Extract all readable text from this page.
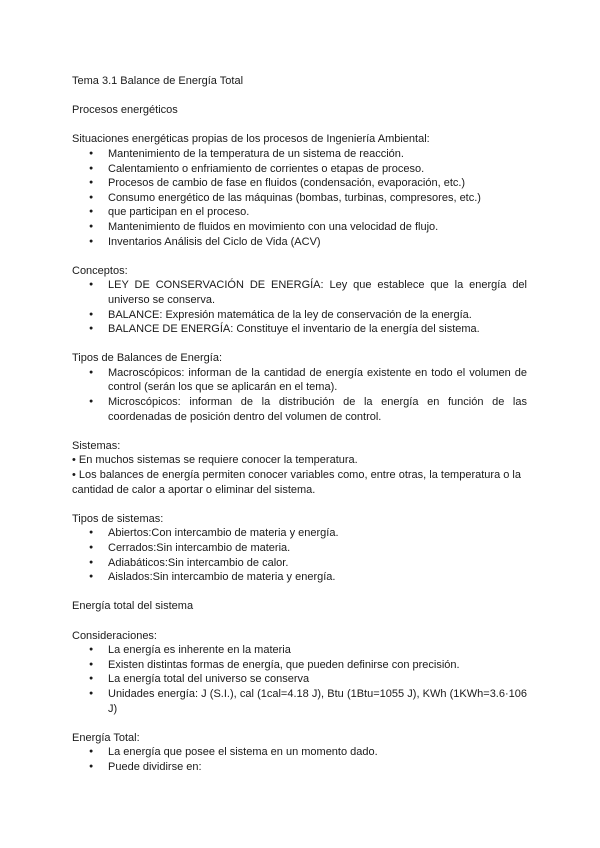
Tema 3.1 Balance de Energía Total

Procesos energéticos

Situaciones energéticas propias de los procesos de Ingeniería Ambiental:

● Mantenimiento de la temperatura de un sistema de reacción.
● Calentamiento o enfriamiento de corrientes o etapas de proceso.
● Procesos de cambio de fase en fluidos (condensación, evaporación, etc.)
● Consumo energético de las máquinas (bombas, turbinas, compresores, etc.)
● que participan en el proceso.
● Mantenimiento de fluidos en movimiento con una velocidad de flujo.
● Inventarios Análisis del Ciclo de Vida (ACV)

Conceptos:

● LEY DE CONSERVACIÓN DE ENERGÍA: Ley que establece que la energía del universo se conserva.
● BALANCE: Expresión matemática de la ley de conservación de la energía.
● BALANCE DE ENERGÍA: Constituye el inventario de la energía del sistema.

Tipos de Balances de Energía:

● Macroscópicos: informan de la cantidad de energía existente en todo el volumen de control (serán los que se aplicarán en el tema).
● Microscópicos: informan de la distribución de la energía en función de las coordenadas de posición dentro del volumen de control.

Sistemas:

• En muchos sistemas se requiere conocer la temperatura.

• Los balances de energía permiten conocer variables como, entre otras, la temperatura o la cantidad de calor a aportar o eliminar del sistema.

Tipos de sistemas:

● Abiertos:Con intercambio de materia y energía.
● Cerrados:Sin intercambio de materia.
● Adiabáticos:Sin intercambio de calor.
● Aislados:Sin intercambio de materia y energía.

Energía total del sistema

Consideraciones:

● La energía es inherente en la materia
● Existen distintas formas de energía, que pueden definirse con precisión.
● La energía total del universo se conserva
● Unidades energía: J (S.I.), cal (1cal=4.18 J), Btu (1Btu=1055 J), KWh (1KWh=3.6·106 J)

Energía Total:

● La energía que posee el sistema en un momento dado.
● Puede dividirse en:
